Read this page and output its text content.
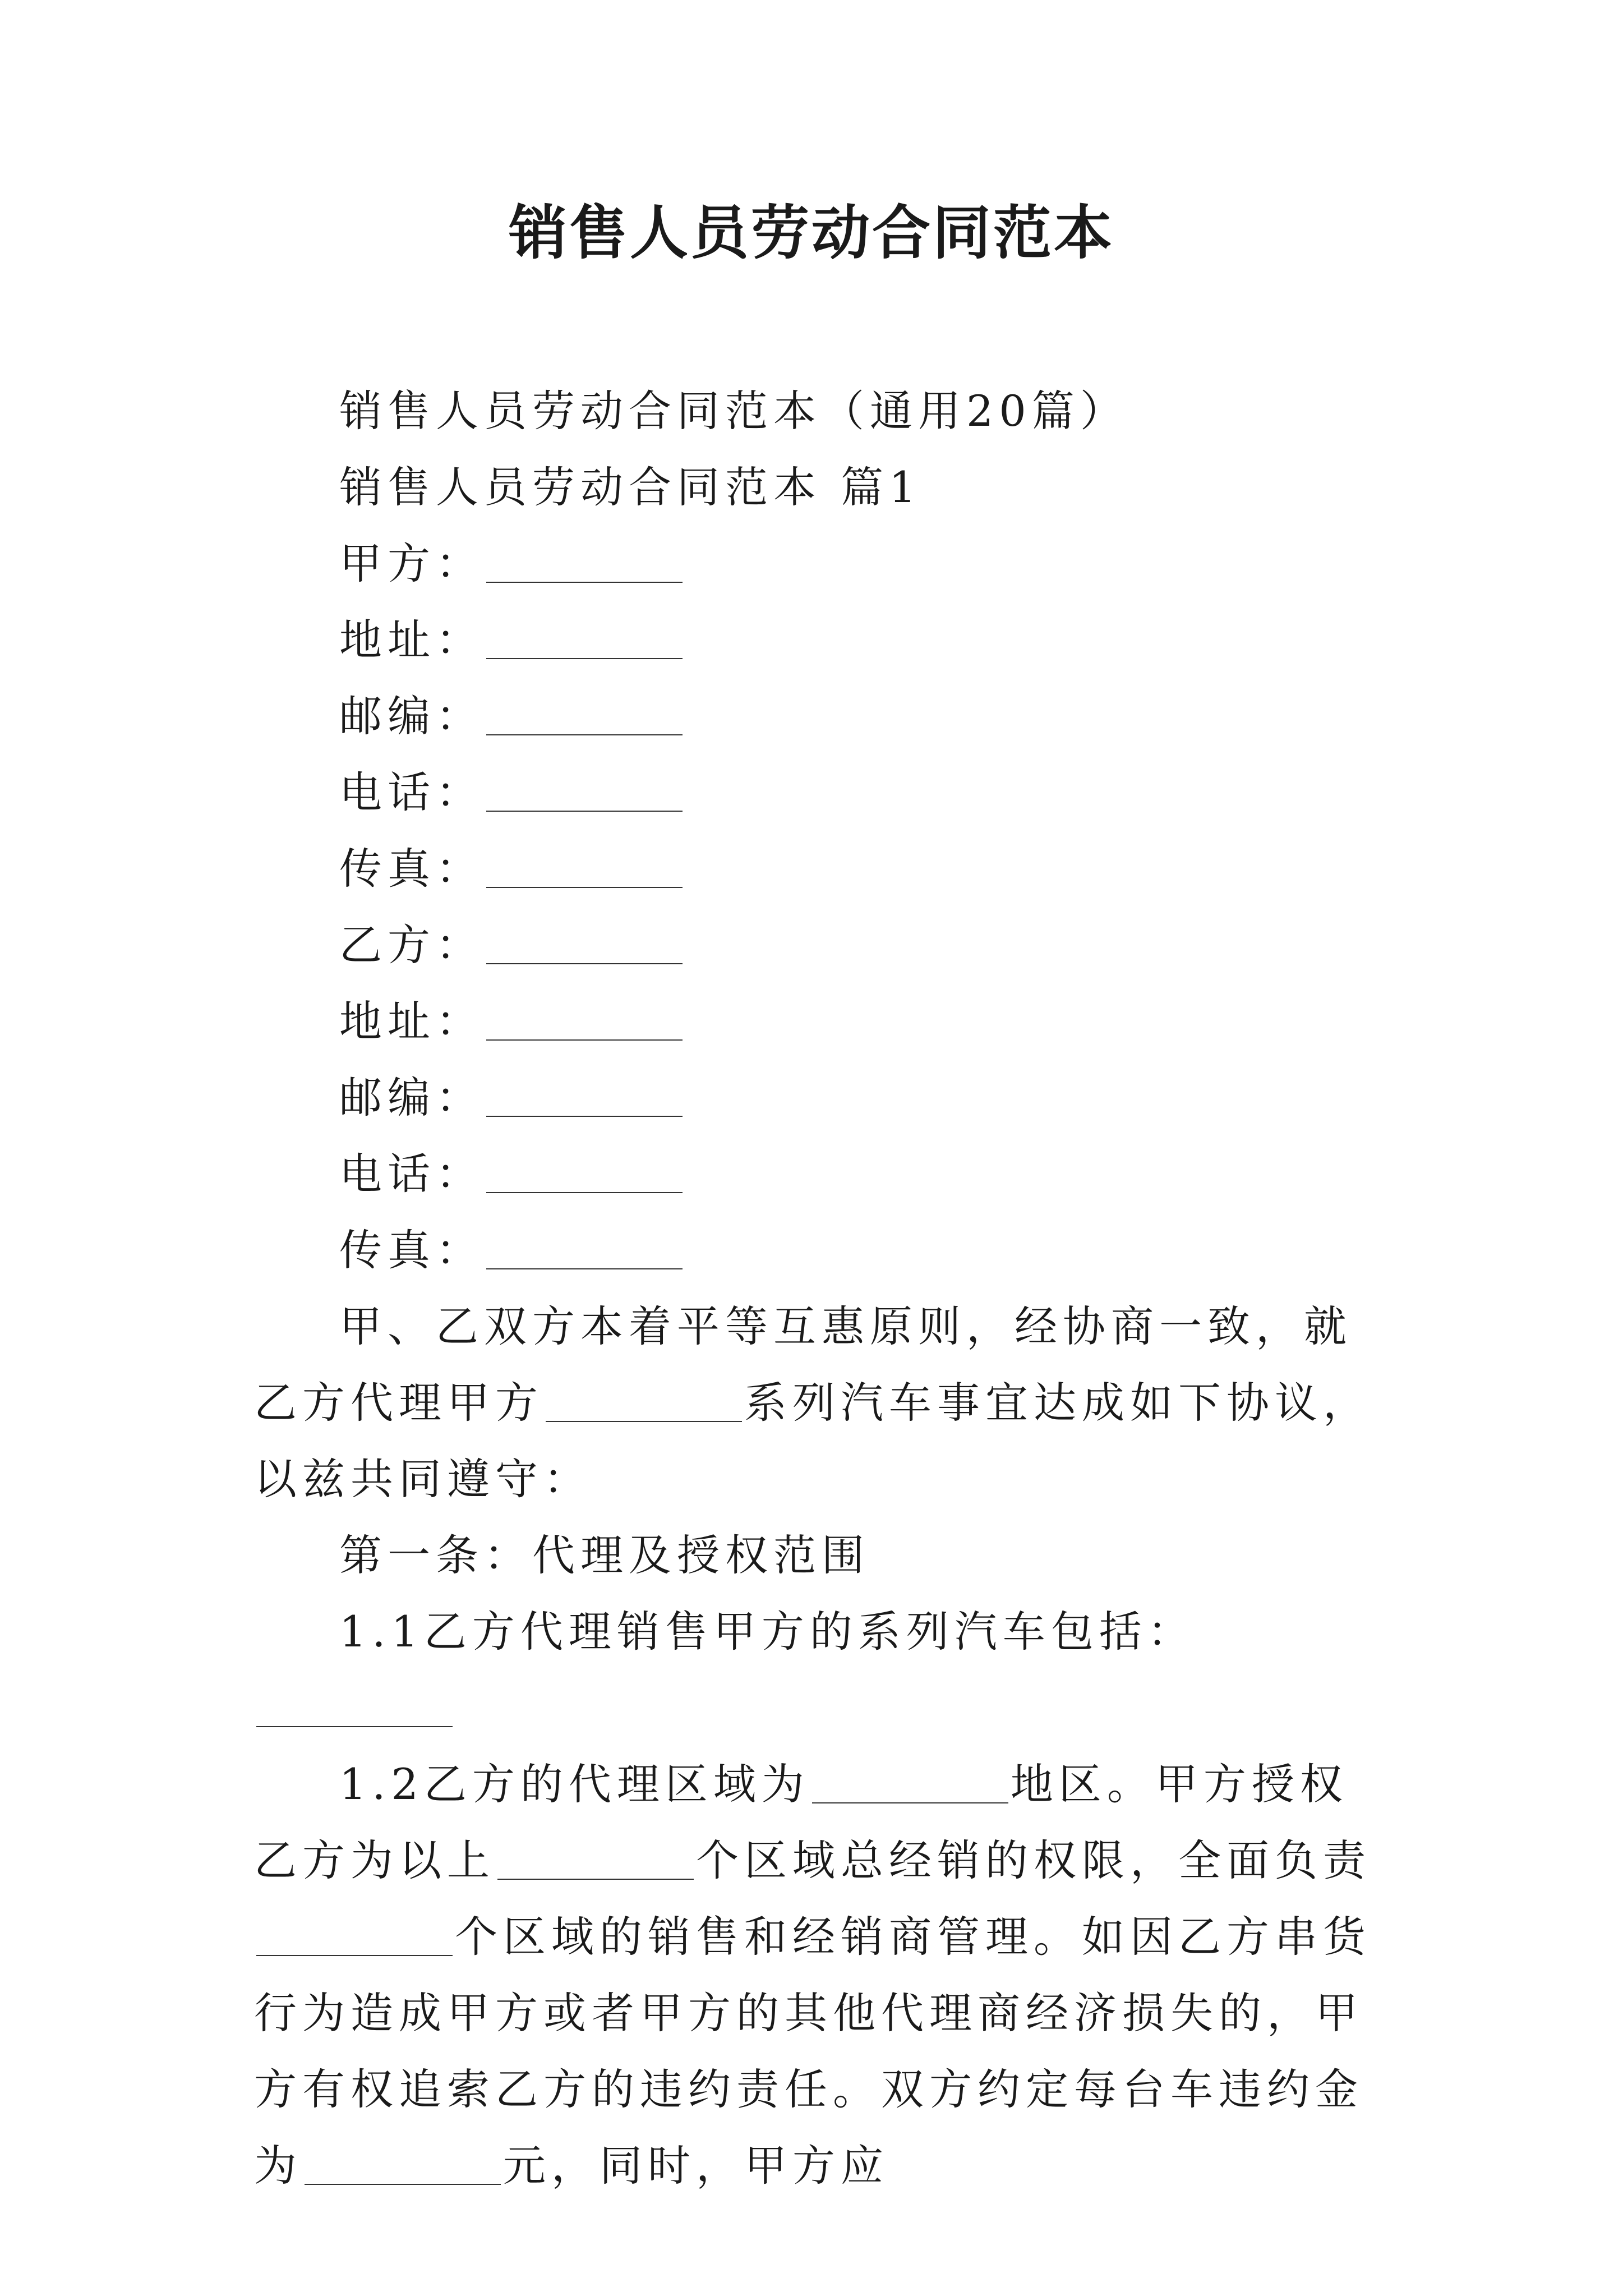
销售人员劳动合同范本

销售人员劳动合同范本（通用20篇）

销售人员劳动合同范本 篇1

甲方：

地址：

邮编：

电话：

传真：

乙方：

地址：

邮编：

电话：

传真：

甲、乙双方本着平等互惠原则，经协商一致，就乙方代理甲方	系列汽车事宜达成如下协议，以兹共同遵守：

第一条：代理及授权范围

1.1乙方代理销售甲方的系列汽车包括：

1.2乙方的代理区域为	地区。甲方授权乙方为以上	个区域总经销的权限，全面负责个区域的销售和经销商管理。如因乙方串货行为造成甲方或者甲方的其他代理商经济损失的，甲方有权追索乙方的违约责任。双方约定每台车违约金为	元，同时，甲方应
